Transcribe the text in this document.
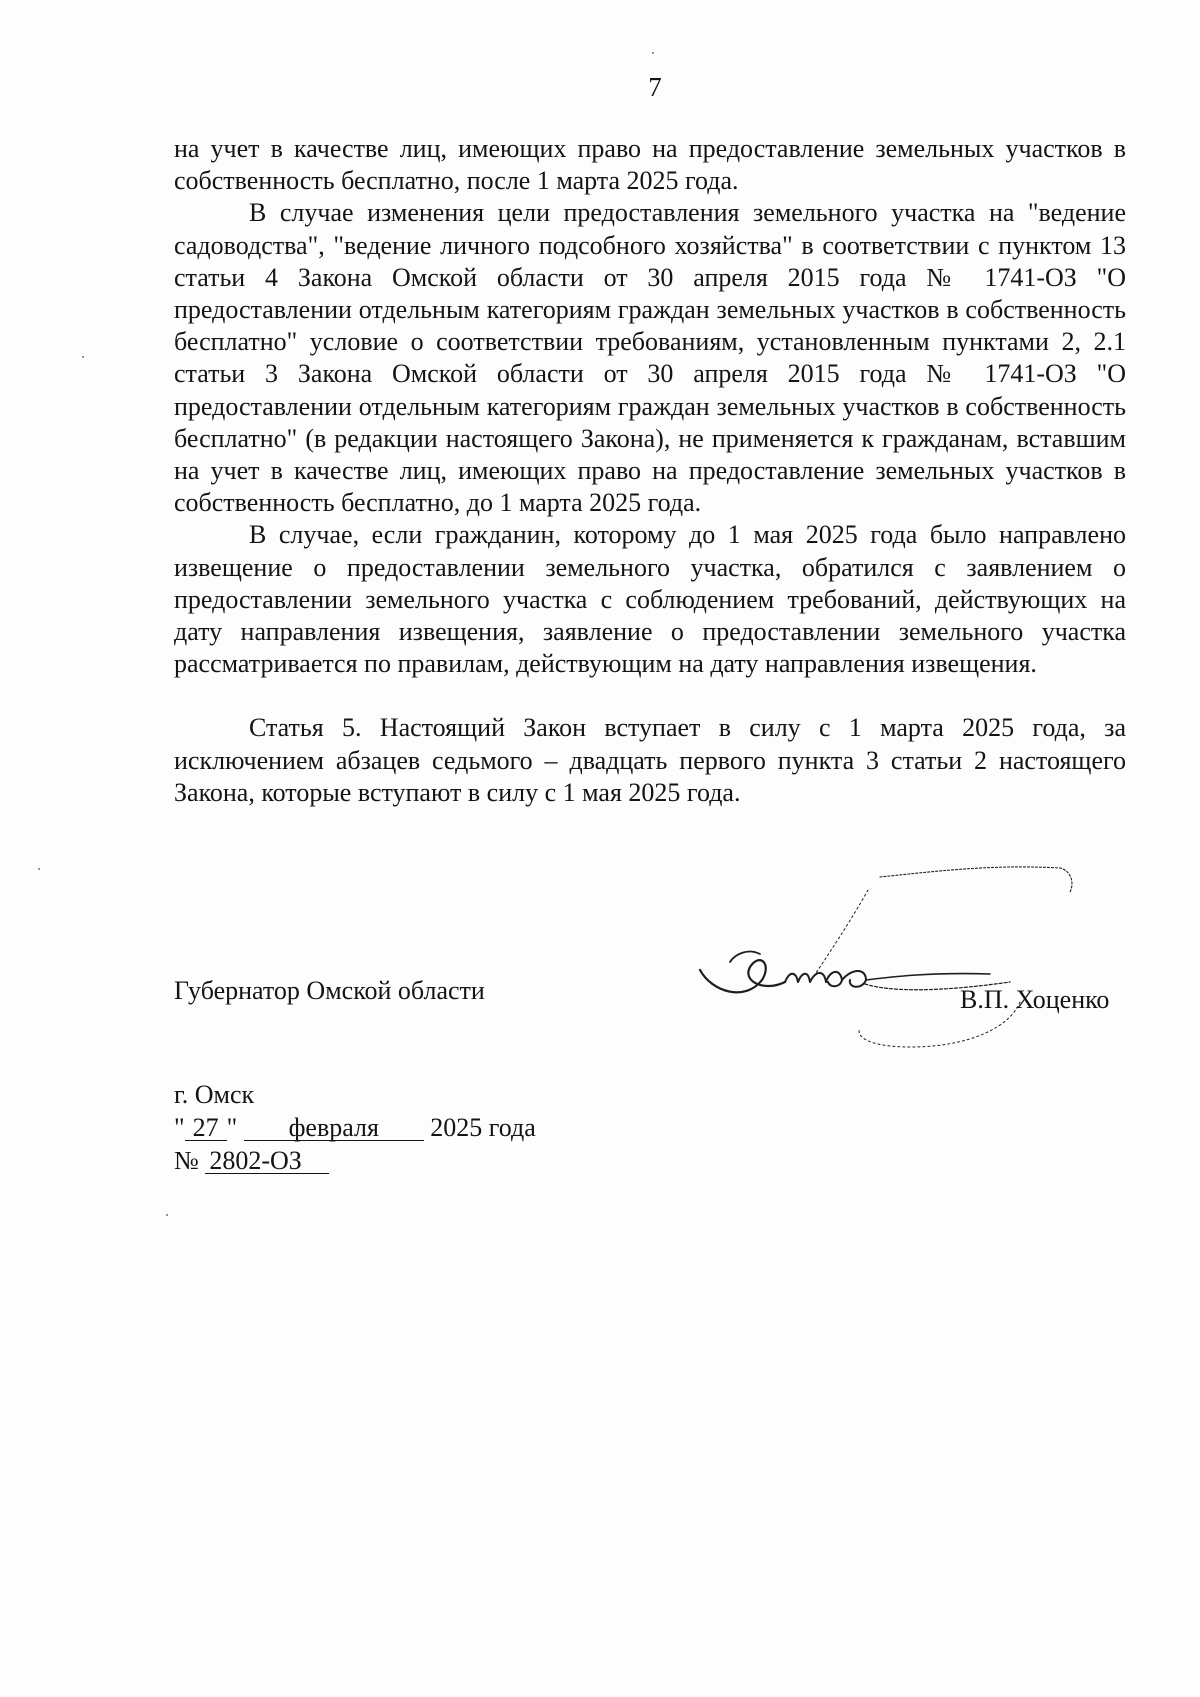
7

на учет в качестве лиц, имеющих право на предоставление земельных участков в собственность бесплатно, после 1 марта 2025 года.

В случае изменения цели предоставления земельного участка на "ведение садоводства", "ведение личного подсобного хозяйства" в соответствии с пунктом 13 статьи 4 Закона Омской области от 30 апреля 2015 года № 1741-ОЗ "О предоставлении отдельным категориям граждан земельных участков в собственность бесплатно" условие о соответствии требованиям, установленным пунктами 2, 2.1 статьи 3 Закона Омской области от 30 апреля 2015 года № 1741-ОЗ "О предоставлении отдельным категориям граждан земельных участков в собственность бесплатно" (в редакции настоящего Закона), не применяется к гражданам, вставшим на учет в качестве лиц, имеющих право на предоставление земельных участков в собственность бесплатно, до 1 марта 2025 года.

В случае, если гражданин, которому до 1 мая 2025 года было направлено извещение о предоставлении земельного участка, обратился с заявлением о предоставлении земельного участка с соблюдением требований, действующих на дату направления извещения, заявление о предоставлении земельного участка рассматривается по правилам, действующим на дату направления извещения.

Статья 5. Настоящий Закон вступает в силу с 1 марта 2025 года, за исключением абзацев седьмого – двадцать первого пункта 3 статьи 2 настоящего Закона, которые вступают в силу с 1 мая 2025 года.

Губернатор Омской области	В.П. Хоценко
г. Омск
" 27 " февраля 2025 года
№ 2802-ОЗ
